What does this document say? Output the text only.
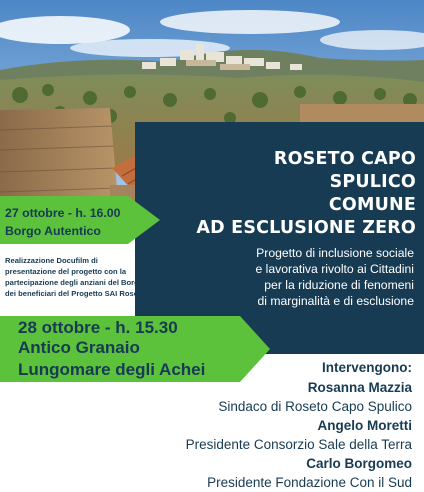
ROSETO CAPO SPULICO
COMUNE
AD ESCLUSIONE ZERO
Progetto di inclusione sociale
e lavorativa rivolto ai Cittadini
per la riduzione di fenomeni
di marginalità e di esclusione
27 ottobre - h. 16.00
Borgo Autentico
Realizzazione Docufilm di
presentazione del progetto con la
partecipazione degli anziani del Borgo e
dei beneficiari del Progetto SAI Roseto
28 ottobre - h. 15.30
Antico Granaio
Lungomare degli Achei	Intervengono:
Rosanna Mazzia
Sindaco di Roseto Capo Spulico
Angelo Moretti
Presidente Consorzio Sale della Terra
Carlo Borgomeo
Presidente Fondazione Con il Sud
